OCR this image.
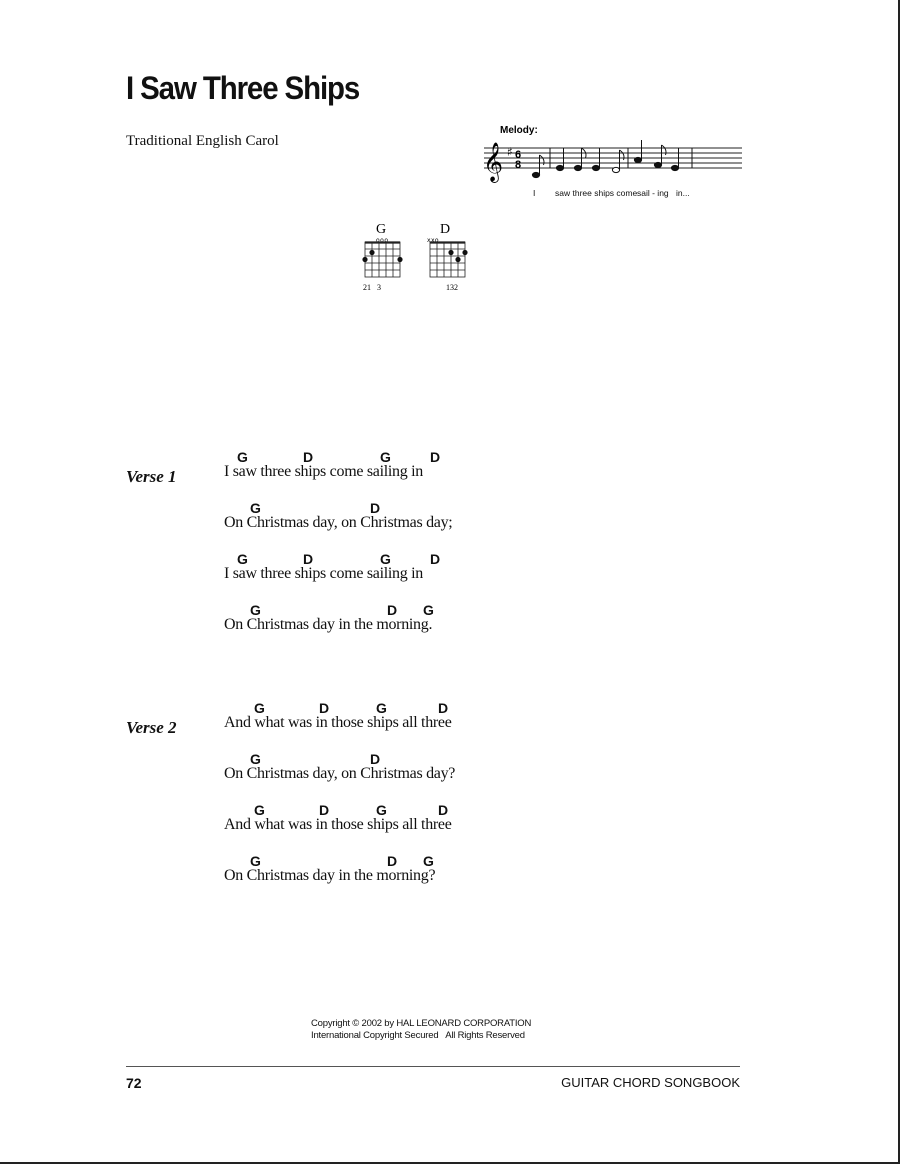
I Saw Three Ships
Traditional English Carol
Melody:
𝄞 ♯ 6
8
I saw three ships come sail - ing in...
G
ooo
21   3
D
xxo
132
Verse 1
G	D	G	D
I saw three ships come sailing in
G	D
On Christmas day, on Christmas day;
G	D	G	D
I saw three ships come sailing in
G	D G
On Christmas day in the morning.
Verse 2
G	D	G	D
And what was in those ships all three
G	D
On Christmas day, on Christmas day?
G	D	G	D
And what was in those ships all three
G	D G
On Christmas day in the morning?
Copyright © 2002 by HAL LEONARD CORPORATION
International Copyright Secured   All Rights Reserved
72	GUITAR CHORD SONGBOOK
